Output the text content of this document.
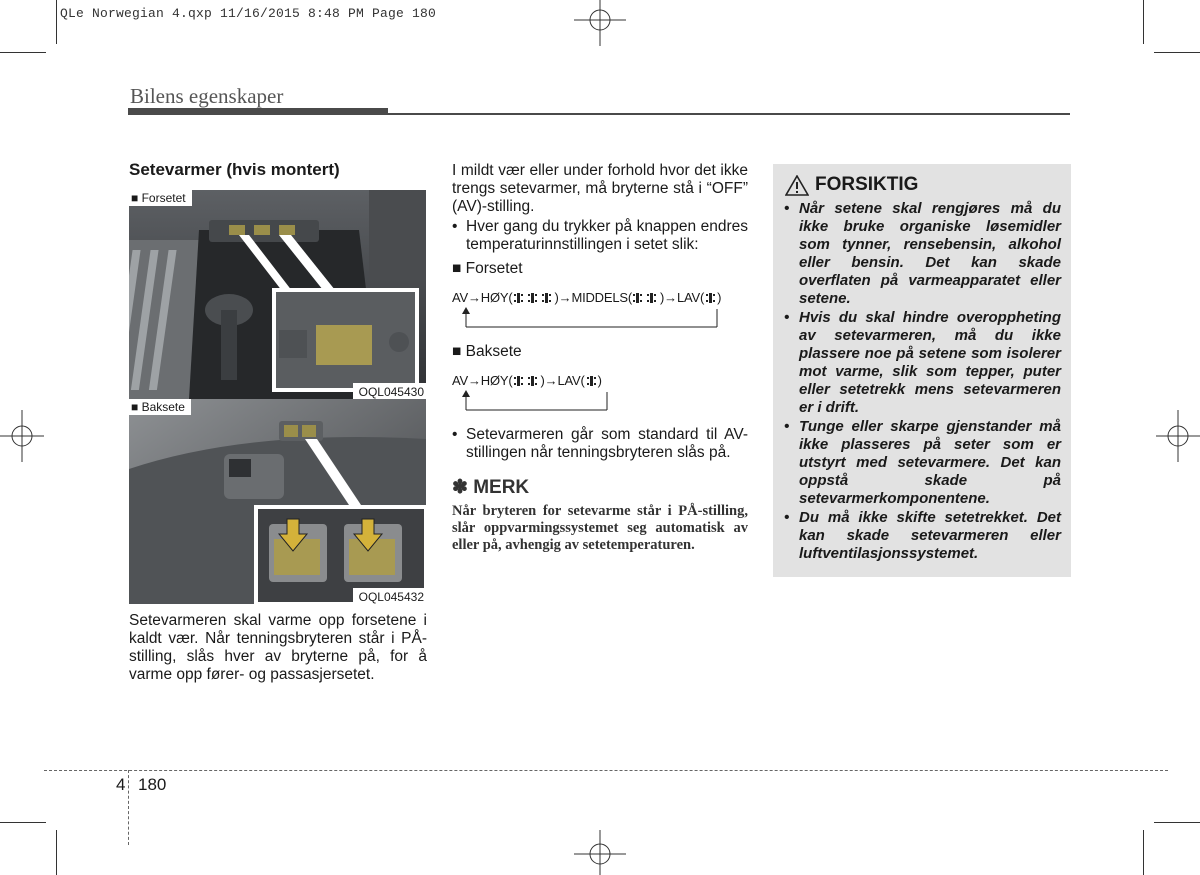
QLe Norwegian 4.qxp 11/16/2015 8:48 PM Page 180
Bilens egenskaper
Setevarmer (hvis montert)
■ Forsetet
OQL045430
■ Baksete
OQL045432
Setevarmeren skal varme opp forsetene i kaldt vær. Når tenningsbryteren står i PÅ-stilling, slås hver av bryterne på, for å varme opp fører- og passasjersetet.
I mildt vær eller under forhold hvor det ikke trengs setevarmer, må bryterne stå i “OFF” (AV)-stilling.
• Hver gang du trykker på knappen endres temperaturinnstillingen i setet slik:
■ Forsetet
AV→HØY(	)→MIDDELS( )→LAV( )
■ Baksete
AV→HØY( )→LAV( )
• Setevarmeren går som standard til AV-stillingen når tenningsbryteren slås på.
✽ MERK
Når bryteren for setevarme står i PÅ-stilling, slår oppvarmingssystemet seg automatisk av eller på, avhengig av setetemperaturen.
FORSIKTIG
• Når setene skal rengjøres må du ikke bruke organiske løsemidler som tynner, rensebensin, alkohol eller bensin. Det kan skade overflaten på varmeapparatet eller setene.
• Hvis du skal hindre overoppheting av setevarmeren, må du ikke plassere noe på setene som isolerer mot varme, slik som tepper, puter eller setetrekk mens setevarmeren er i drift.
• Tunge eller skarpe gjenstander må ikke plasseres på seter som er utstyrt med setevarmere. Det kan oppstå skade på setevarmerkomponentene.
• Du må ikke skifte setetrekket. Det kan skade setevarmeren eller luftventilasjonssystemet.
4 180
